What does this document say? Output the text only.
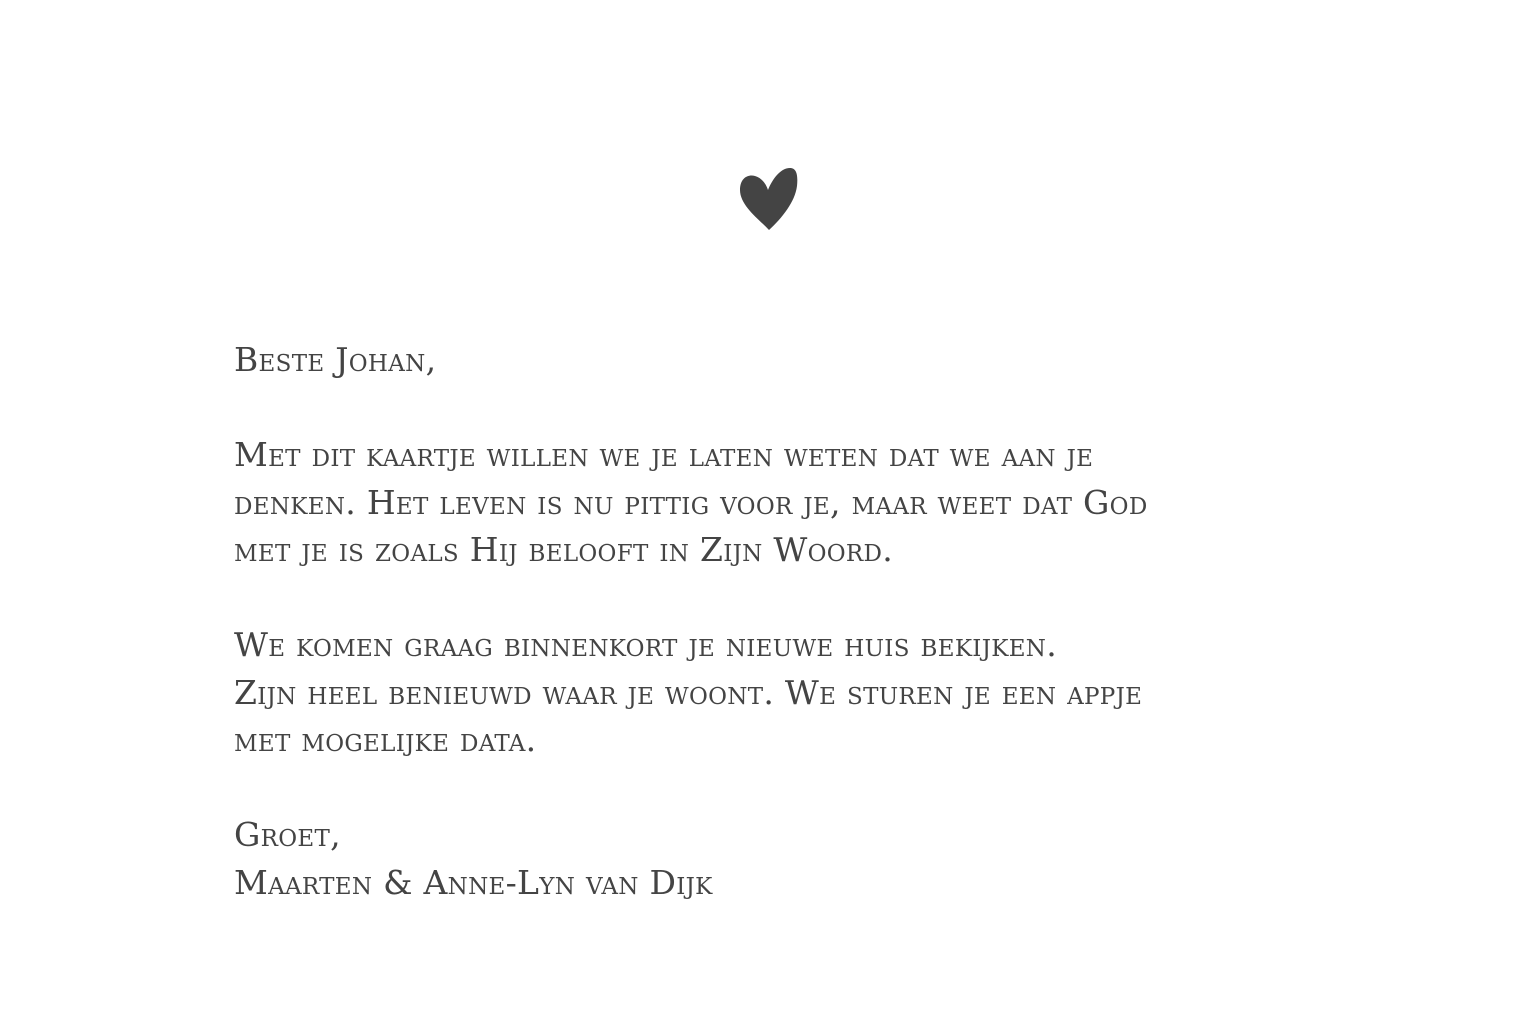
Beste Johan,

Met dit kaartje willen we je laten weten dat we aan je
denken. Het leven is nu pittig voor je, maar weet dat God
met je is zoals Hij belooft in Zijn Woord.

We komen graag binnenkort je nieuwe huis bekijken.
Zijn heel benieuwd waar je woont. We sturen je een appje
met mogelijke data.

Groet,
Maarten & Anne-Lyn van Dijk
